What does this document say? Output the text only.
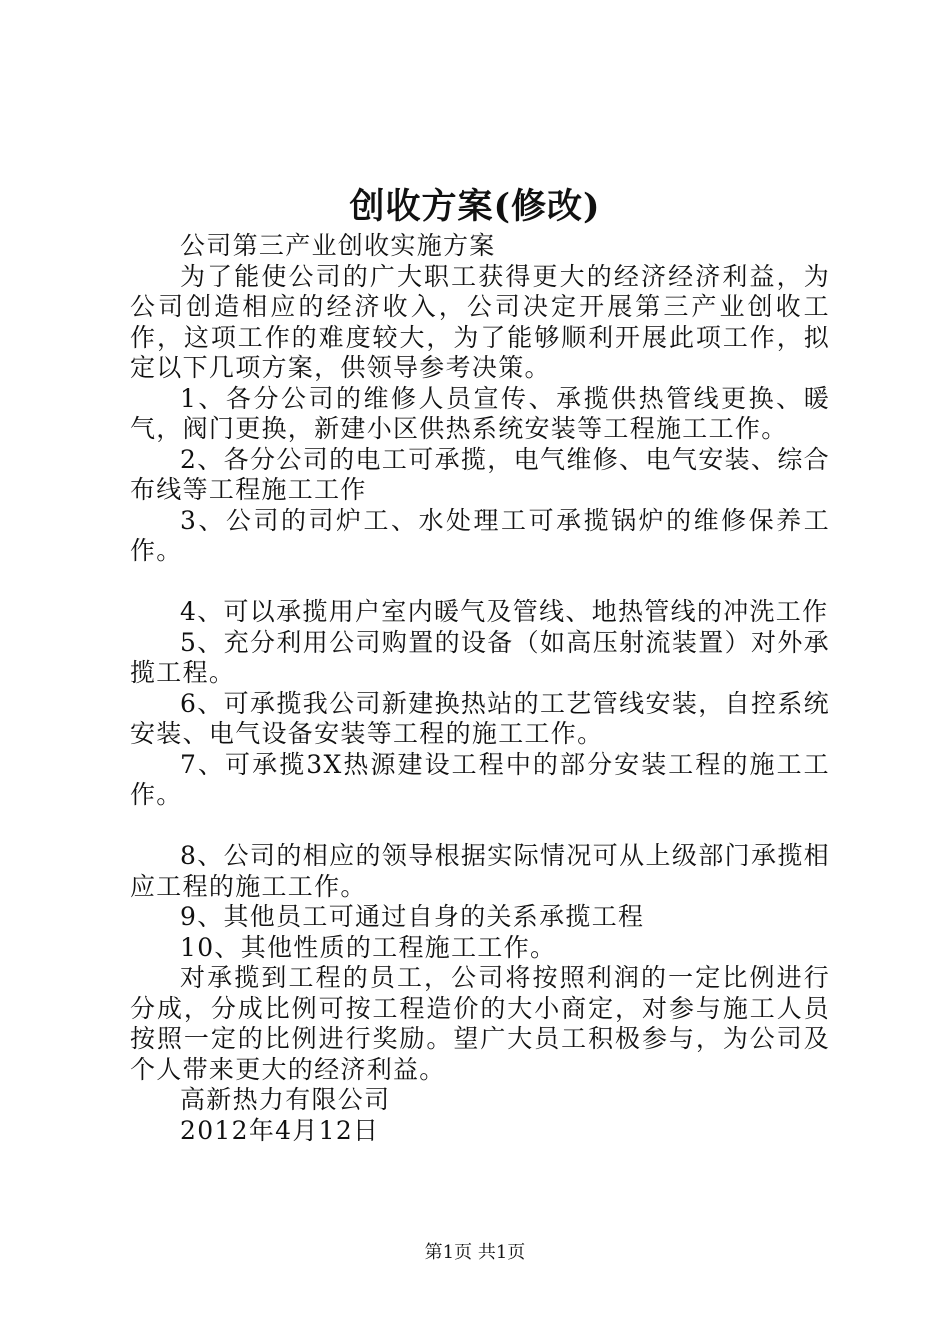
创收方案(修改)

公司第三产业创收实施方案

为了能使公司的广大职工获得更大的经济经济利益，为公司创造相应的经济收入，公司决定开展第三产业创收工作，这项工作的难度较大，为了能够顺利开展此项工作，拟定以下几项方案，供领导参考决策。

1、各分公司的维修人员宣传、承揽供热管线更换、暖气，阀门更换，新建小区供热系统安装等工程施工工作。

2、各分公司的电工可承揽，电气维修、电气安装、综合布线等工程施工工作

3、公司的司炉工、水处理工可承揽锅炉的维修保养工作。

4、可以承揽用户室内暖气及管线、地热管线的冲洗工作

5、充分利用公司购置的设备（如高压射流装置）对外承揽工程。

6、可承揽我公司新建换热站的工艺管线安装，自控系统安装、电气设备安装等工程的施工工作。

7、可承揽3X热源建设工程中的部分安装工程的施工工作。

8、公司的相应的领导根据实际情况可从上级部门承揽相应工程的施工工作。

9、其他员工可通过自身的关系承揽工程

10、其他性质的工程施工工作。

对承揽到工程的员工，公司将按照利润的一定比例进行分成，分成比例可按工程造价的大小商定，对参与施工人员按照一定的比例进行奖励。望广大员工积极参与，为公司及个人带来更大的经济利益。

高新热力有限公司

2012年4月12日

第1页 共1页
